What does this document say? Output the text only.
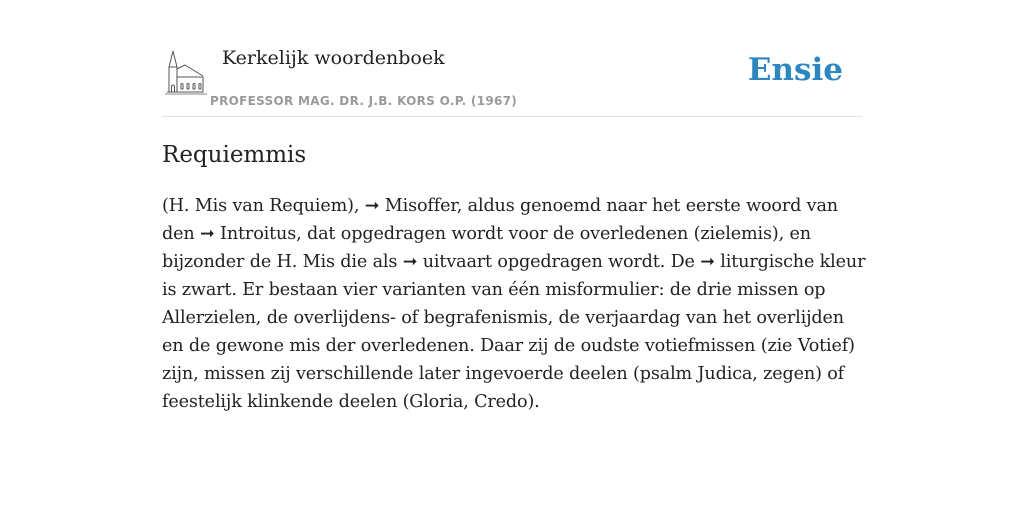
Kerkelijk woordenboek
PROFESSOR MAG. DR. J.B. KORS O.P. (1967)
Ensie
Requiemmis

(H. Mis van Requiem), ➞ Misoffer, aldus genoemd naar het eerste woord van den ➞ Introitus, dat opgedragen wordt voor de overledenen (zielemis), en bijzonder de H. Mis die als ➞ uitvaart opgedragen wordt. De ➞ liturgische kleur is zwart. Er bestaan vier varianten van één misformulier: de drie missen op Allerzielen, de overlijdens- of begrafenismis, de verjaardag van het overlijden en de gewone mis der overledenen. Daar zij de oudste votiefmissen (zie Votief) zijn, missen zij verschillende later ingevoerde deelen (psalm Judica, zegen) of feestelijk klinkende deelen (Gloria, Credo).
